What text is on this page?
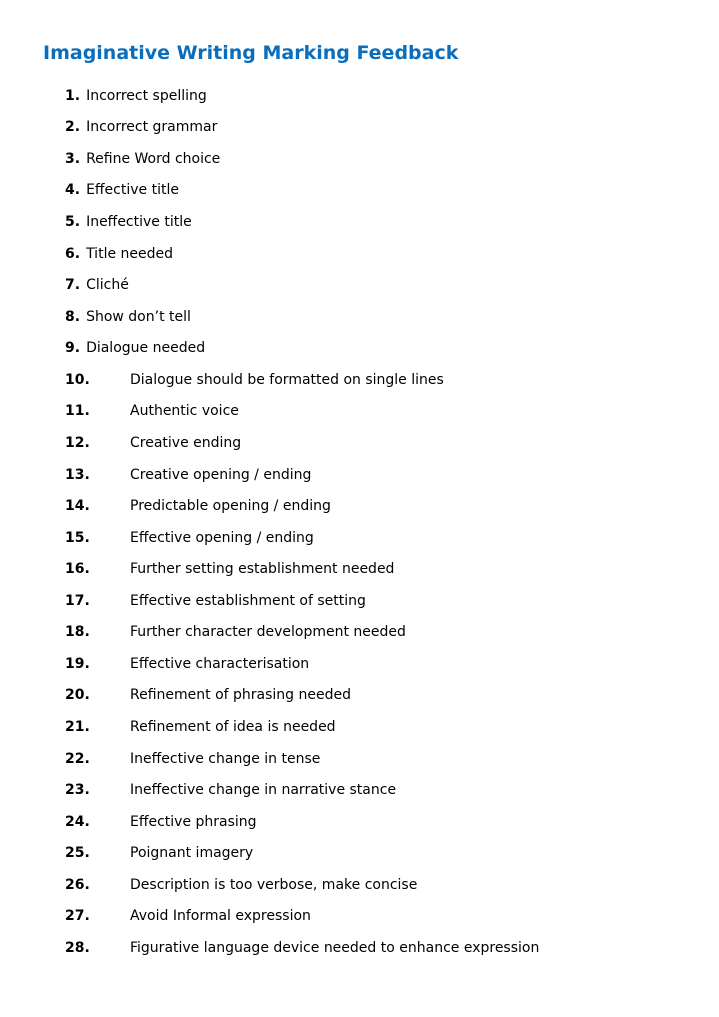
Imaginative Writing Marking Feedback
1. Incorrect spelling
2. Incorrect grammar
3. Refine Word choice
4. Effective title
5. Ineffective title
6. Title needed
7. Cliché
8. Show don’t tell
9. Dialogue needed
10.	Dialogue should be formatted on single lines
11.	Authentic voice
12.	Creative ending
13.	Creative opening / ending
14.	Predictable opening / ending
15.	Effective opening / ending
16.	Further setting establishment needed
17.	Effective establishment of setting
18.	Further character development needed
19.	Effective characterisation
20.	Refinement of phrasing needed
21.	Refinement of idea is needed
22.	Ineffective change in tense
23.	Ineffective change in narrative stance
24.	Effective phrasing
25.	Poignant imagery
26.	Description is too verbose, make concise
27.	Avoid Informal expression
28.	Figurative language device needed to enhance expression
